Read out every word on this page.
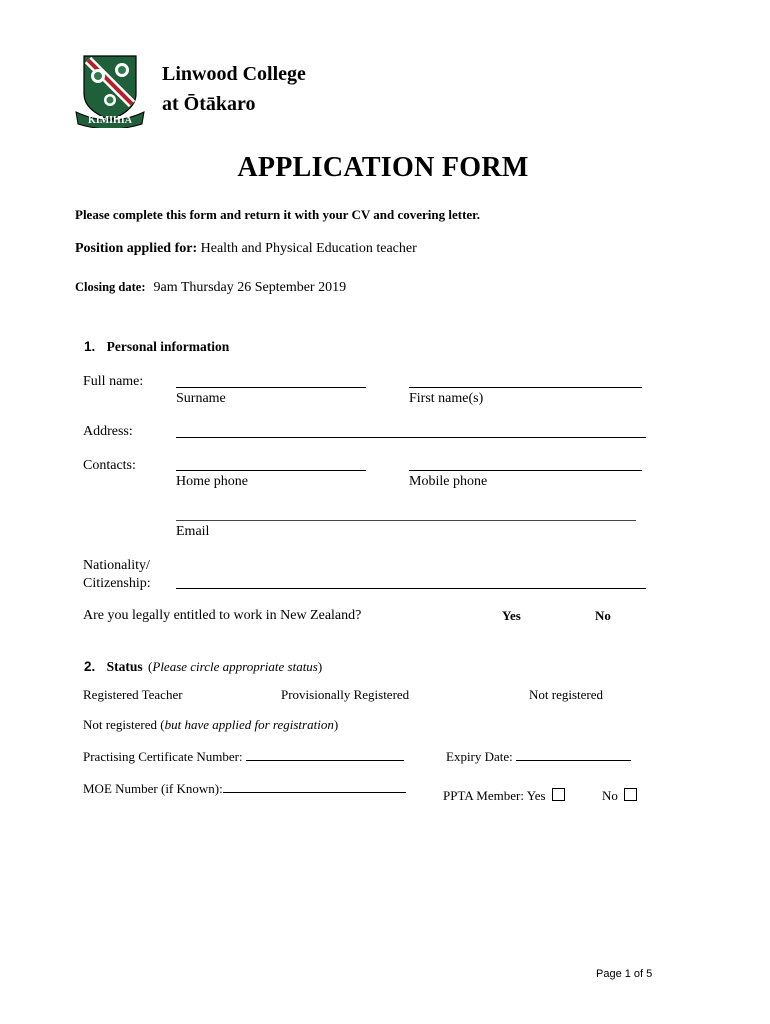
KIMIHIA
Linwood College
at Ōtākaro
APPLICATION FORM
Please complete this form and return it with your CV and covering letter.
Position applied for: Health and Physical Education teacher
Closing date: 9am Thursday 26 September 2019
1. Personal information
Full name:
Surname	First name(s)
Address:
Contacts:
Home phone	Mobile phone
Email
Nationality/
Citizenship:
Are you legally entitled to work in New Zealand?	Yes	No
2. Status (Please circle appropriate status)
Registered Teacher	Provisionally Registered	Not registered
Not registered (but have applied for registration)
Practising Certificate Number:	Expiry Date:
MOE Number (if Known):	PPTA Member: Yes	No
Page 1 of 5
